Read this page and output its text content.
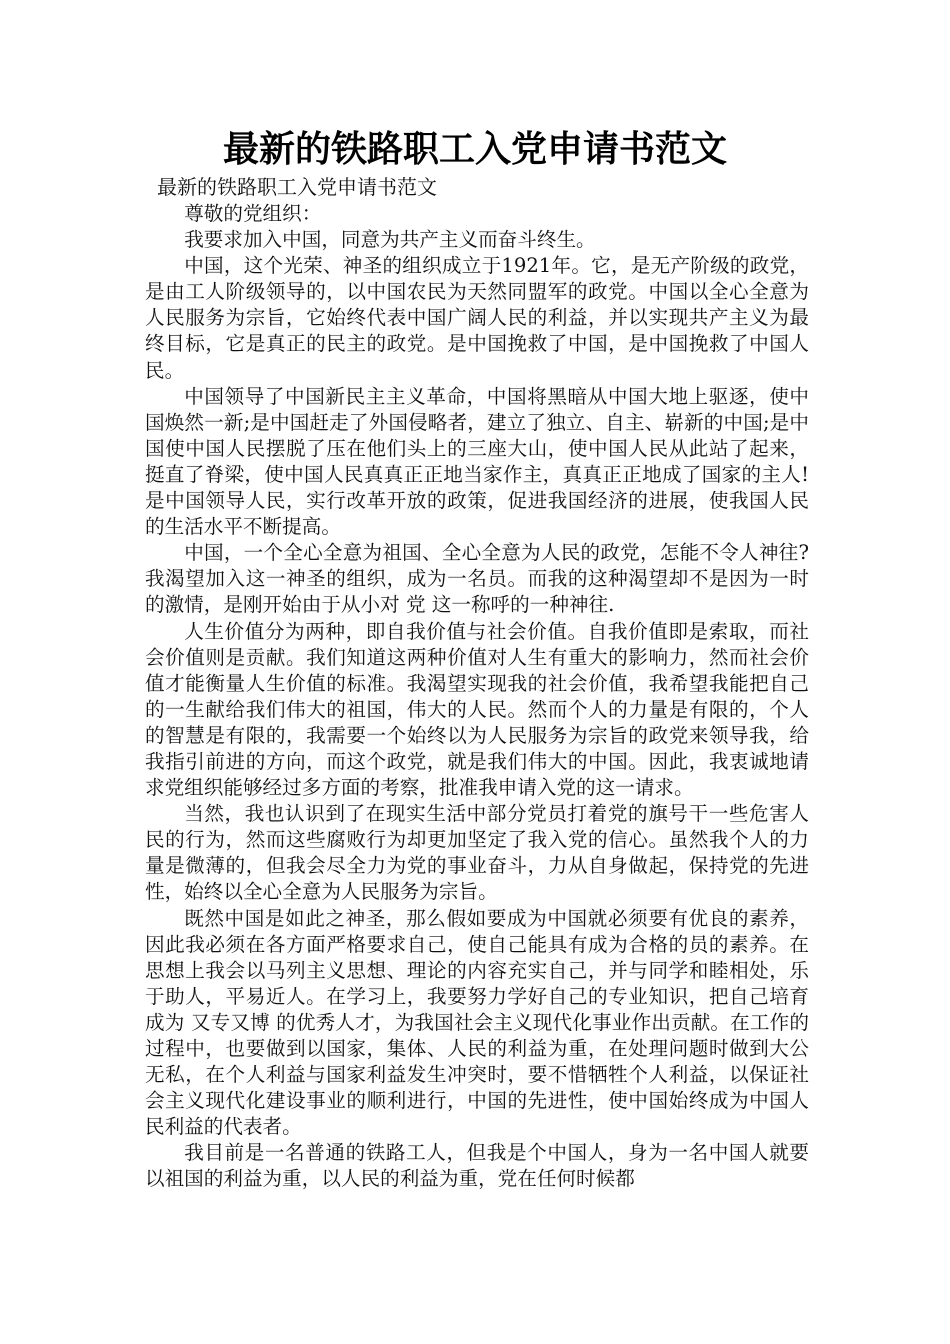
最新的铁路职工入党申请书范文
最新的铁路职工入党申请书范文

尊敬的党组织：

我要求加入中国，同意为共产主义而奋斗终生。

中国，这个光荣、神圣的组织成立于1921年。它，是无产阶级的政党，是由工人阶级领导的，以中国农民为天然同盟军的政党。中国以全心全意为人民服务为宗旨，它始终代表中国广阔人民的利益，并以实现共产主义为最终目标，它是真正的民主的政党。是中国挽救了中国，是中国挽救了中国人民。

中国领导了中国新民主主义革命，中国将黑暗从中国大地上驱逐，使中国焕然一新;是中国赶走了外国侵略者，建立了独立、自主、崭新的中国;是中国使中国人民摆脱了压在他们头上的三座大山，使中国人民从此站了起来，挺直了脊梁，使中国人民真真正正地当家作主，真真正正地成了国家的主人!是中国领导人民，实行改革开放的政策，促进我国经济的进展，使我国人民的生活水平不断提高。

中国，一个全心全意为祖国、全心全意为人民的政党，怎能不令人神往?我渴望加入这一神圣的组织，成为一名员。而我的这种渴望却不是因为一时的激情，是刚开始由于从小对 党 这一称呼的一种神往.

人生价值分为两种，即自我价值与社会价值。自我价值即是索取，而社会价值则是贡献。我们知道这两种价值对人生有重大的影响力，然而社会价值才能衡量人生价值的标准。我渴望实现我的社会价值，我希望我能把自己的一生献给我们伟大的祖国，伟大的人民。然而个人的力量是有限的，个人的智慧是有限的，我需要一个始终以为人民服务为宗旨的政党来领导我，给我指引前进的方向，而这个政党，就是我们伟大的中国。因此，我衷诚地请求党组织能够经过多方面的考察，批准我申请入党的这一请求。

当然，我也认识到了在现实生活中部分党员打着党的旗号干一些危害人民的行为，然而这些腐败行为却更加坚定了我入党的信心。虽然我个人的力量是微薄的，但我会尽全力为党的事业奋斗，力从自身做起，保持党的先进性，始终以全心全意为人民服务为宗旨。

既然中国是如此之神圣，那么假如要成为中国就必须要有优良的素养，因此我必须在各方面严格要求自己，使自己能具有成为合格的员的素养。在思想上我会以马列主义思想、理论的内容充实自己，并与同学和睦相处，乐于助人，平易近人。在学习上，我要努力学好自己的专业知识，把自己培育成为 又专又博 的优秀人才，为我国社会主义现代化事业作出贡献。在工作的过程中，也要做到以国家，集体、人民的利益为重，在处理问题时做到大公无私，在个人利益与国家利益发生冲突时，要不惜牺牲个人利益，以保证社会主义现代化建设事业的顺利进行，中国的先进性，使中国始终成为中国人民利益的代表者。

我目前是一名普通的铁路工人，但我是个中国人，身为一名中国人就要以祖国的利益为重，以人民的利益为重，党在任何时候都
